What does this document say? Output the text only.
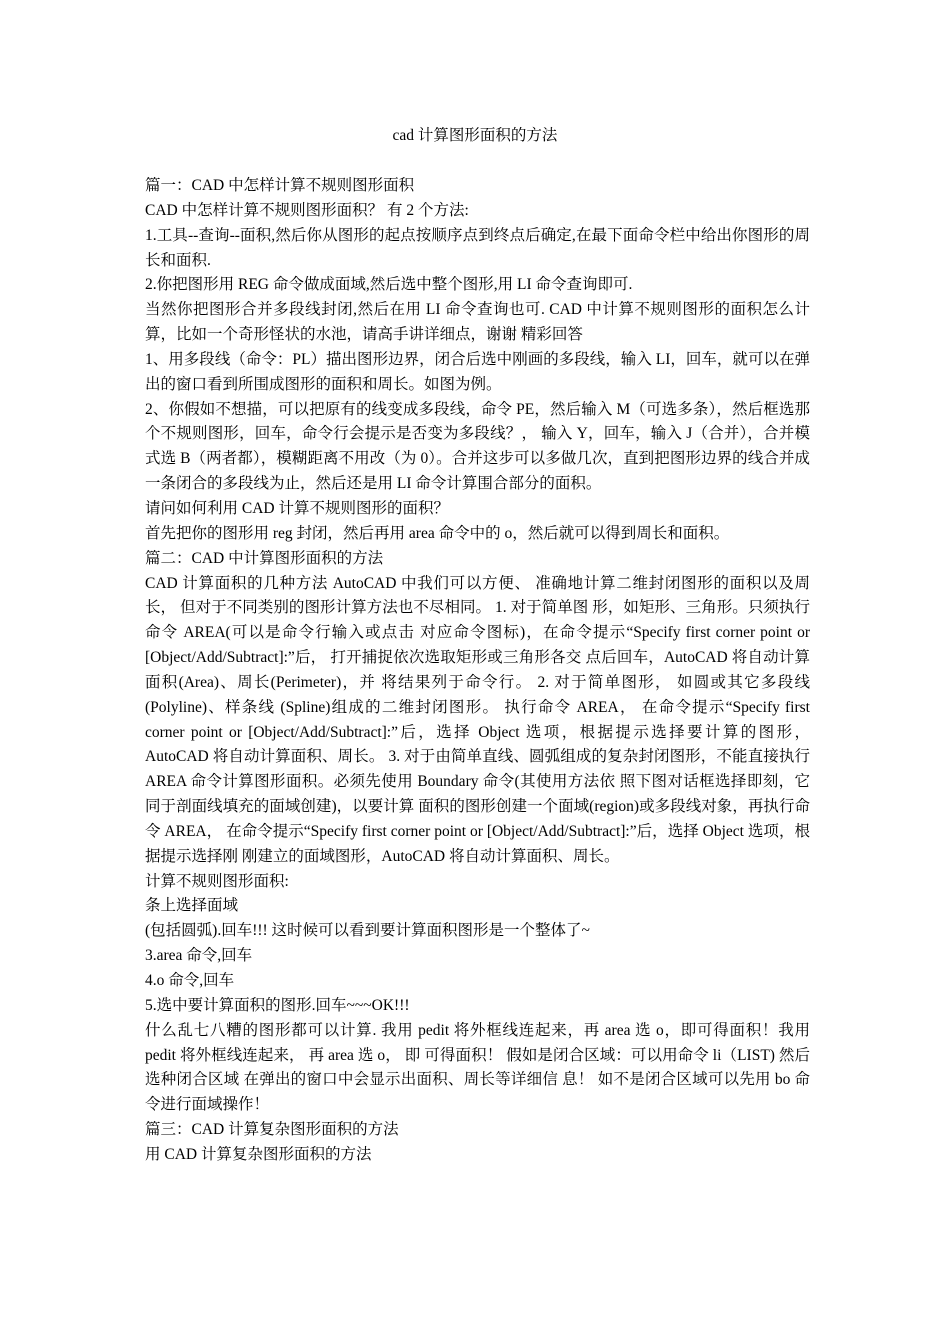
cad 计算图形面积的方法

篇一：CAD 中怎样计算不规则图形面积

CAD 中怎样计算不规则图形面积？ 有 2 个方法:

1.工具--查询--面积,然后你从图形的起点按顺序点到终点后确定,在最下面命令栏中给出你图形的周长和面积.

2.你把图形用 REG 命令做成面域,然后选中整个图形,用 LI 命令查询即可.

当然你把图形合并多段线封闭,然后在用 LI 命令查询也可. CAD 中计算不规则图形的面积怎么计算，比如一个奇形怪状的水池，请高手讲详细点，谢谢 精彩回答

1、用多段线（命令：PL）描出图形边界，闭合后选中刚画的多段线，输入 LI，回车，就可以在弹出的窗口看到所围成图形的面积和周长。如图为例。

2、你假如不想描，可以把原有的线变成多段线，命令 PE，然后输入 M（可选多条），然后框选那个不规则图形，回车，命令行会提示是否变为多段线？， 输入 Y，回车，输入 J（合并），合并模式选 B（两者都），模糊距离不用改（为 0）。合并这步可以多做几次，直到把图形边界的线合并成一条闭合的多段线为止，然后还是用 LI 命令计算围合部分的面积。

请问如何利用 CAD 计算不规则图形的面积？

首先把你的图形用 reg 封闭，然后再用 area 命令中的 o，然后就可以得到周长和面积。

篇二：CAD 中计算图形面积的方法

CAD 计算面积的几种方法 AutoCAD 中我们可以方便、 准确地计算二维封闭图形的面积以及周长， 但对于不同类别的图形计算方法也不尽相同。 1. 对于简单图 形，如矩形、三角形。只须执行命令 AREA(可以是命令行输入或点击 对应命令图标)，在命令提示“Specify first corner point or [Object/Add/Subtract]:”后， 打开捕捉依次选取矩形或三角形各交 点后回车，AutoCAD 将自动计算面积(Area)、周长(Perimeter)，并 将结果列于命令行。 2. 对于简单图形， 如圆或其它多段线(Polyline)、样条线 (Spline)组成的二维封闭图形。 执行命令 AREA， 在命令提示“Specify first corner point or [Object/Add/Subtract]:”后，选择 Object 选项，根据提示选择要计算的图形， AutoCAD 将自动计算面积、周长。 3. 对于由简单直线、圆弧组成的复杂封闭图形，不能直接执行 AREA 命令计算图形面积。必须先使用 Boundary 命令(其使用方法依 照下图对话框选择即刻，它同于剖面线填充的面域创建)，以要计算 面积的图形创建一个面域(region)或多段线对象，再执行命令 AREA， 在命令提示“Specify first corner point or [Object/Add/Subtract]:”后，选择 Object 选项，根据提示选择刚 刚建立的面域图形，AutoCAD 将自动计算面积、周长。

计算不规则图形面积:

条上选择面域

(包括圆弧).回车!!! 这时候可以看到要计算面积图形是一个整体了~

3.area 命令,回车

4.o 命令,回车

5.选中要计算面积的图形.回车~~~OK!!!

什么乱七八糟的图形都可以计算. 我用 pedit 将外框线连起来，再 area 选 o，即可得面积！我用 pedit 将外框线连起来， 再 area 选 o， 即 可得面积！ 假如是闭合区域：可以用命令 li（LIST) 然后选种闭合区域 在弹出的窗口中会显示出面积、周长等详细信 息！ 如不是闭合区域可以先用 bo 命令进行面域操作！

篇三：CAD 计算复杂图形面积的方法

用 CAD 计算复杂图形面积的方法
